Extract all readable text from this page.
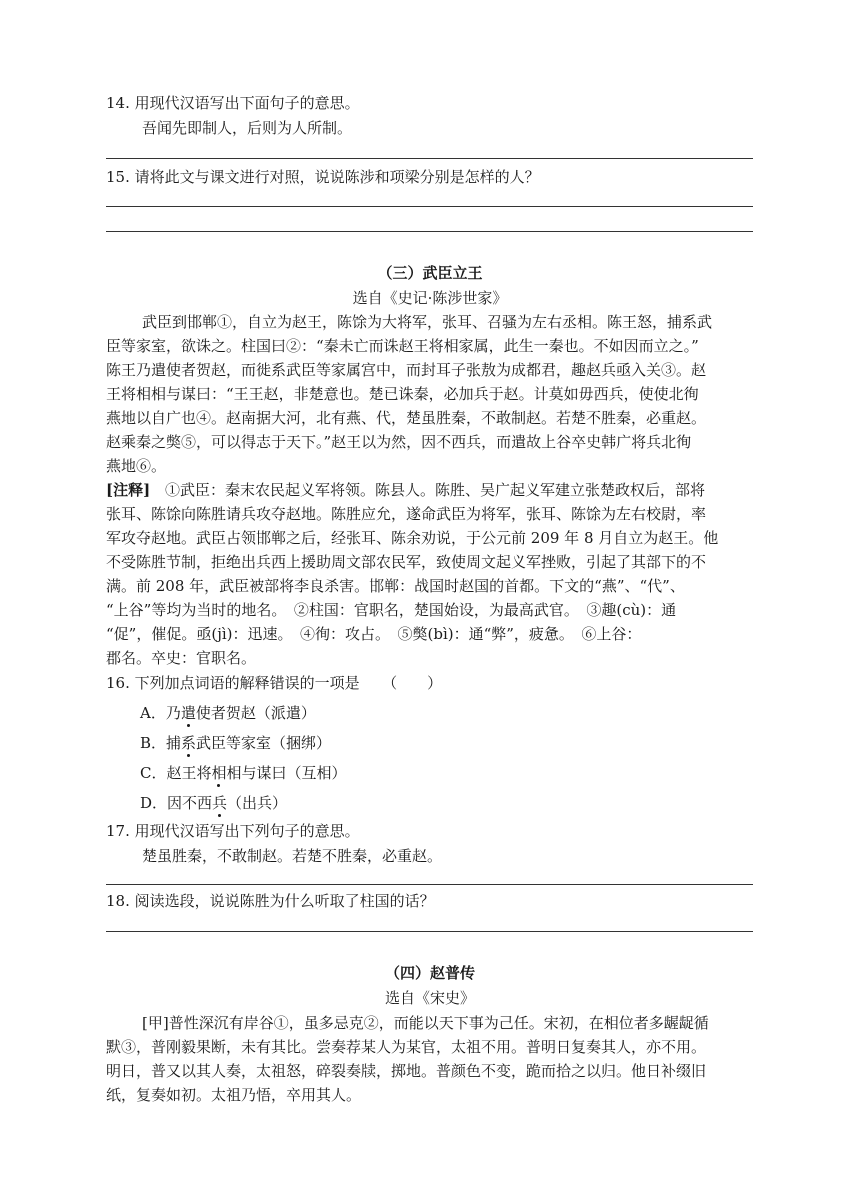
14. 用现代汉语写出下面句子的意思。
吾闻先即制人，后则为人所制。
15. 请将此文与课文进行对照，说说陈涉和项梁分别是怎样的人？
（三）武臣立王
选自《史记·陈涉世家》
武臣到邯郸①，自立为赵王，陈馀为大将军，张耳、召骚为左右丞相。陈王怒，捕系武
臣等家室，欲诛之。柱国曰②：“秦未亡而诛赵王将相家属，此生一秦也。不如因而立之。”
陈王乃遣使者贺赵，而徙系武臣等家属宫中，而封耳子张敖为成都君，趣赵兵亟入关③。赵
王将相相与谋曰：“王王赵，非楚意也。楚已诛秦，必加兵于赵。计莫如毋西兵，使使北徇
燕地以自广也④。赵南据大河，北有燕、代，楚虽胜秦，不敢制赵。若楚不胜秦，必重赵。
赵乘秦之獘⑤，可以得志于天下。”赵王以为然，因不西兵，而遣故上谷卒史韩广将兵北徇
燕地⑥。
[注释] ①武臣：秦末农民起义军将领。陈县人。陈胜、吴广起义军建立张楚政权后，部将
张耳、陈馀向陈胜请兵攻夺赵地。陈胜应允，遂命武臣为将军，张耳、陈馀为左右校尉，率
军攻夺赵地。武臣占领邯郸之后，经张耳、陈余劝说，于公元前 209 年 8 月自立为赵王。他
不受陈胜节制，拒绝出兵西上援助周文部农民军，致使周文起义军挫败，引起了其部下的不
满。前 208 年，武臣被部将李良杀害。邯郸：战国时赵国的首都。下文的“燕”、“代”、
“上谷”等均为当时的地名。　②柱国：官职名，楚国始设，为最高武官。　③趣(cù)：通
“促”，催促。亟(jì)：迅速。　④徇：攻占。　⑤獘(bì)：通“弊”，疲惫。　⑥上谷：
郡名。卒史：官职名。
16. 下列加点词语的解释错误的一项是　　（　　）
A．乃遣使者贺赵（派遣）
B．捕系武臣等家室（捆绑）
C．赵王将相相与谋曰（互相）
D．因不西兵（出兵）
17. 用现代汉语写出下列句子的意思。
楚虽胜秦，不敢制赵。若楚不胜秦，必重赵。
18. 阅读选段，说说陈胜为什么听取了柱国的话？
（四）赵普传
选自《宋史》
[甲]普性深沉有岸谷①，虽多忌克②，而能以天下事为己任。宋初，在相位者多龌龊循
默③，普刚毅果断，未有其比。尝奏荐某人为某官，太祖不用。普明日复奏其人，亦不用。
明日，普又以其人奏，太祖怒，碎裂奏牍，掷地。普颜色不变，跪而拾之以归。他日补缀旧
纸，复奏如初。太祖乃悟，卒用其人。
